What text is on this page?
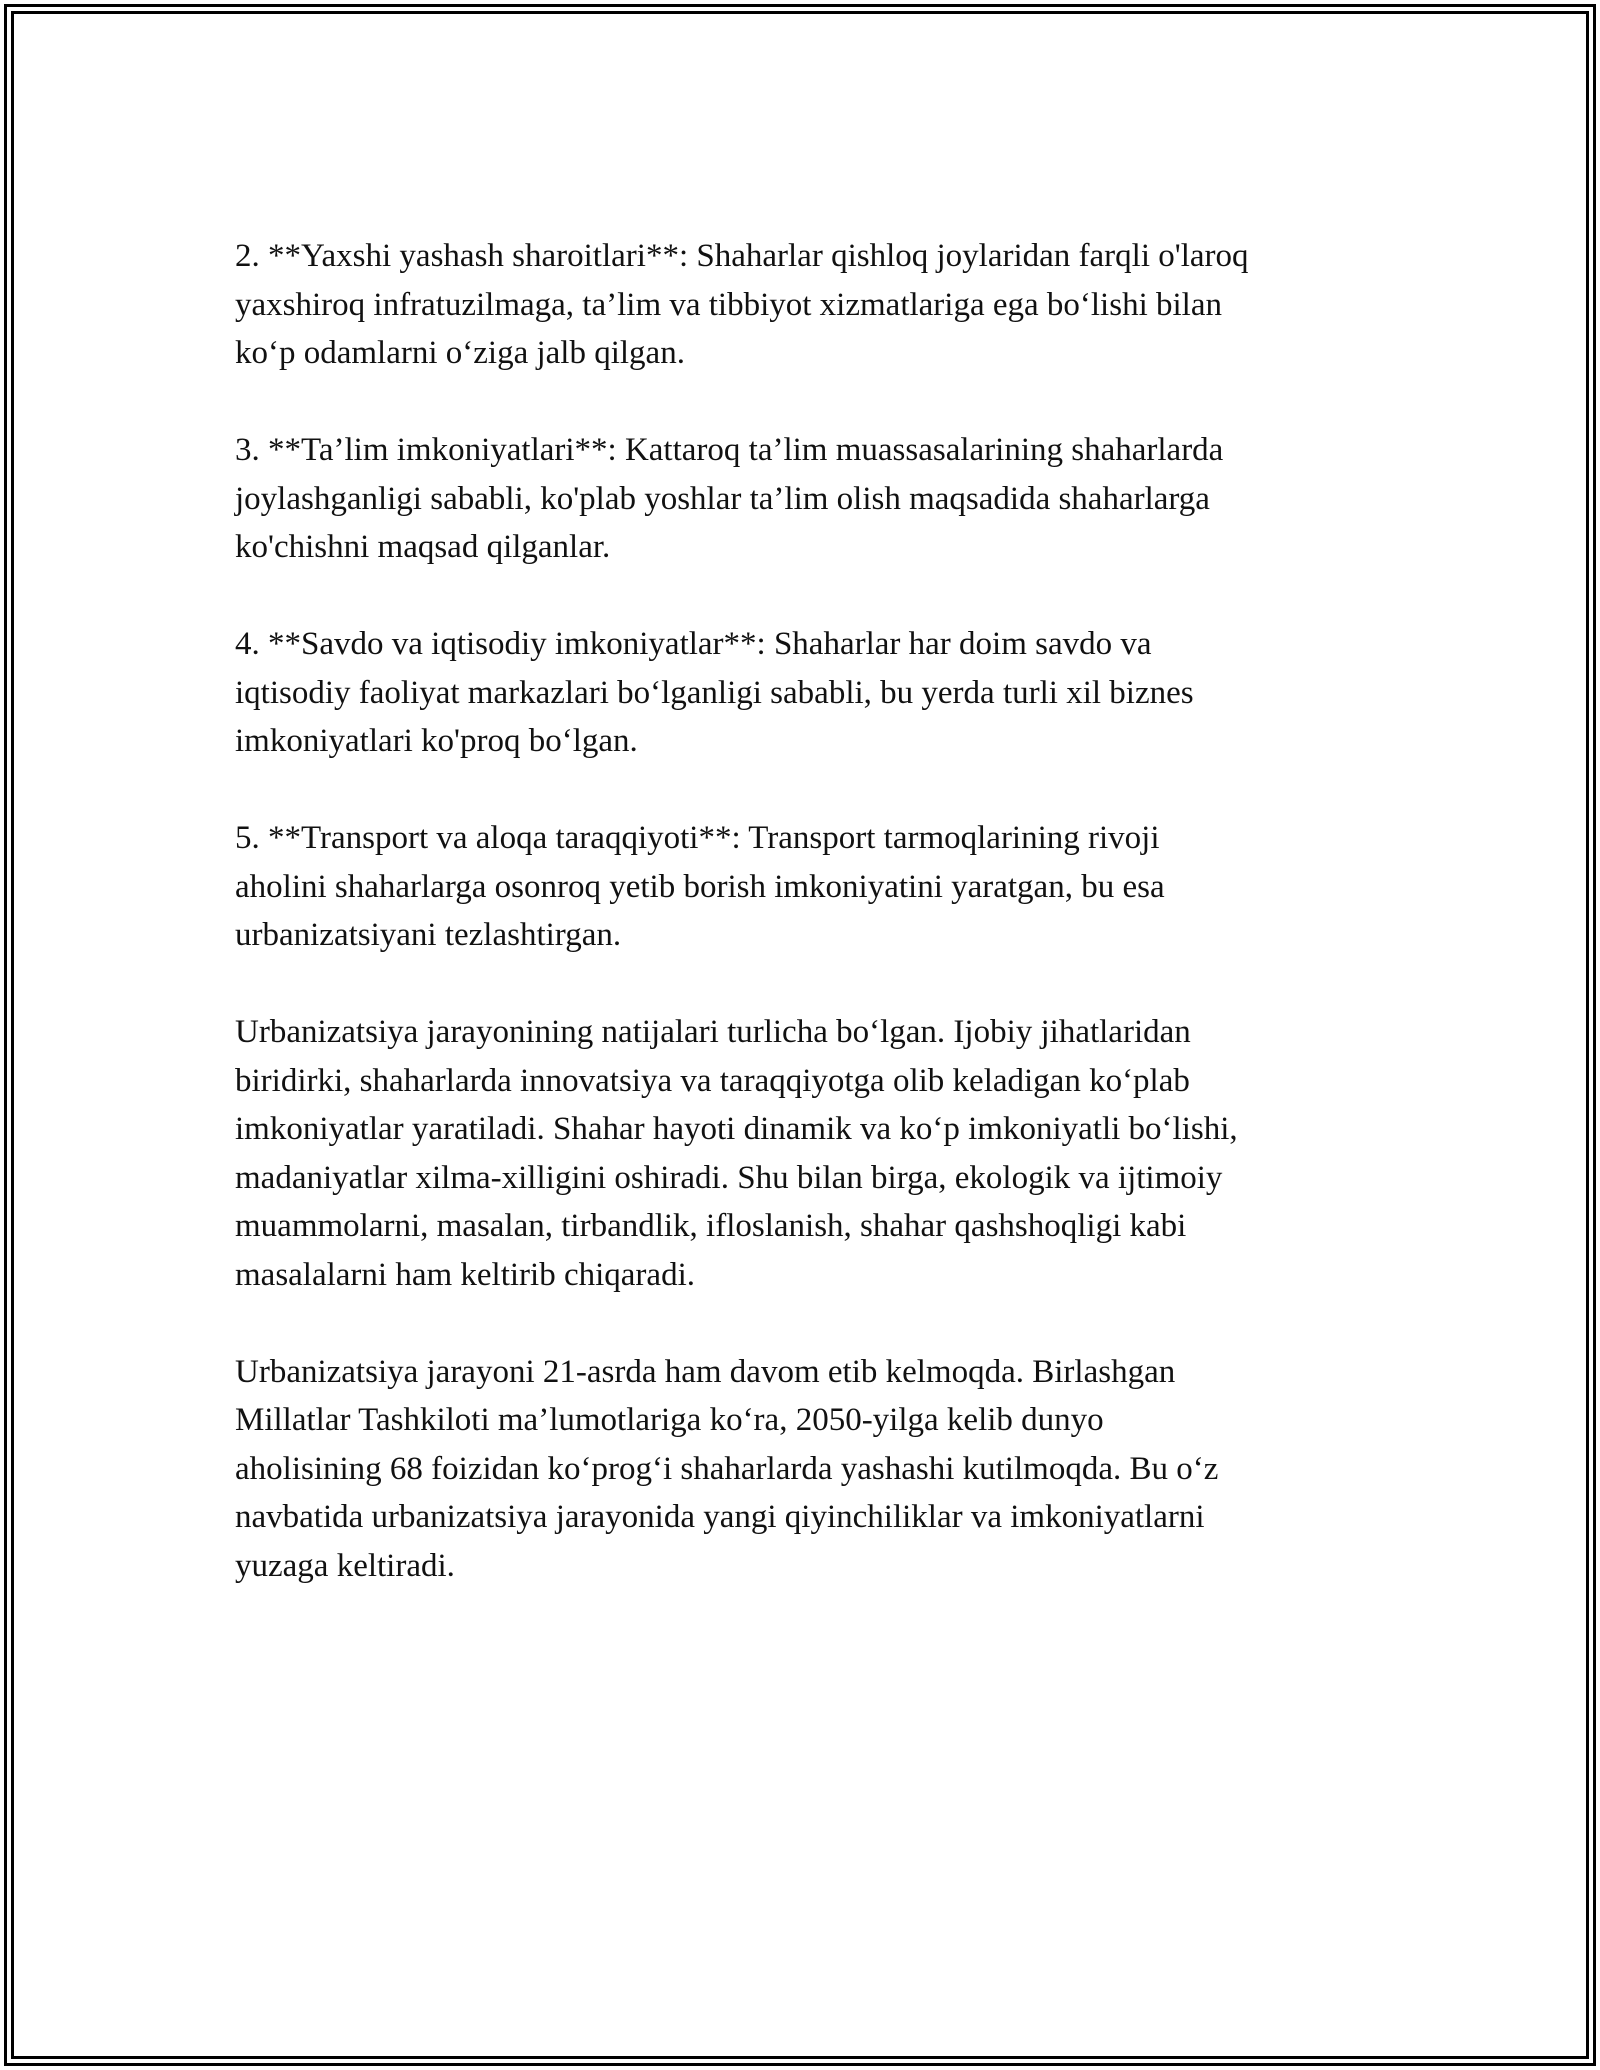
2. **Yaxshi yashash sharoitlari**: Shaharlar qishloq joylaridan farqli o'laroq
yaxshiroq infratuzilmaga, ta’lim va tibbiyot xizmatlariga ega bo‘lishi bilan
ko‘p odamlarni o‘ziga jalb qilgan.

3. **Ta’lim imkoniyatlari**: Kattaroq ta’lim muassasalarining shaharlarda
joylashganligi sababli, ko'plab yoshlar ta’lim olish maqsadida shaharlarga
ko'chishni maqsad qilganlar.

4. **Savdo va iqtisodiy imkoniyatlar**: Shaharlar har doim savdo va
iqtisodiy faoliyat markazlari bo‘lganligi sababli, bu yerda turli xil biznes
imkoniyatlari ko'proq bo‘lgan.

5. **Transport va aloqa taraqqiyoti**: Transport tarmoqlarining rivoji
aholini shaharlarga osonroq yetib borish imkoniyatini yaratgan, bu esa
urbanizatsiyani tezlashtirgan.

Urbanizatsiya jarayonining natijalari turlicha bo‘lgan. Ijobiy jihatlaridan
biridirki, shaharlarda innovatsiya va taraqqiyotga olib keladigan ko‘plab
imkoniyatlar yaratiladi. Shahar hayoti dinamik va ko‘p imkoniyatli bo‘lishi,
madaniyatlar xilma-xilligini oshiradi. Shu bilan birga, ekologik va ijtimoiy
muammolarni, masalan, tirbandlik, ifloslanish, shahar qashshoqligi kabi
masalalarni ham keltirib chiqaradi.

Urbanizatsiya jarayoni 21-asrda ham davom etib kelmoqda. Birlashgan
Millatlar Tashkiloti ma’lumotlariga ko‘ra, 2050-yilga kelib dunyo
aholisining 68 foizidan ko‘prog‘i shaharlarda yashashi kutilmoqda. Bu o‘z
navbatida urbanizatsiya jarayonida yangi qiyinchiliklar va imkoniyatlarni
yuzaga keltiradi.
